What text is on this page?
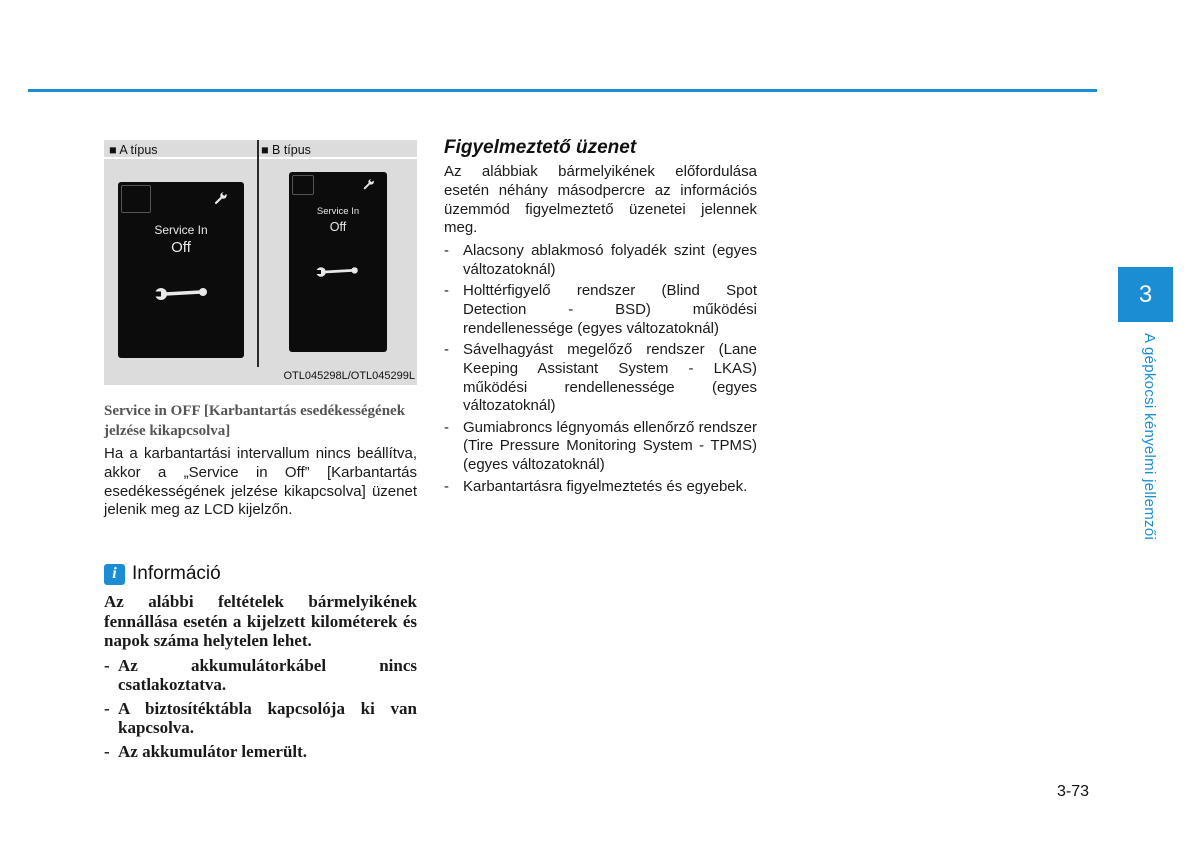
■ A típus	■ B típus
Service In
Off
Service In
Off
OTL045298L/OTL045299L
Service in OFF [Karbantartás esedékességének jelzése kikapcsolva]
Ha a karbantartási intervallum nincs beállítva, akkor a „Service in Off” [Karbantartás esedékességének jelzése kikapcsolva] üzenet jelenik meg az LCD kijelzőn.
i Információ

Az alábbi feltételek bármelyikének fennállása esetén a kijelzett kilométerek és napok száma helytelen lehet.

- Az akkumulátorkábel nincs csatlakoztatva.
- A biztosítéktábla kapcsolója ki van kapcsolva.
- Az akkumulátor lemerült.
Figyelmeztető üzenet
Az alábbiak bármelyikének előfordulása esetén néhány másodpercre az információs üzemmód figyelmeztető üzenetei jelennek meg.
- Alacsony ablakmosó folyadék szint (egyes változatoknál)
- Holttérfigyelő rendszer (Blind Spot Detection - BSD) működési rendellenessége (egyes változatoknál)
- Sávelhagyást megelőző rendszer (Lane Keeping Assistant System - LKAS) működési rendellenessége (egyes változatoknál)
- Gumiabroncs légnyomás ellenőrző rendszer (Tire Pressure Monitoring System - TPMS) (egyes változatoknál)
- Karbantartásra figyelmeztetés és egyebek.
3
A gépkocsi kényelmi jellemzői
3-73
